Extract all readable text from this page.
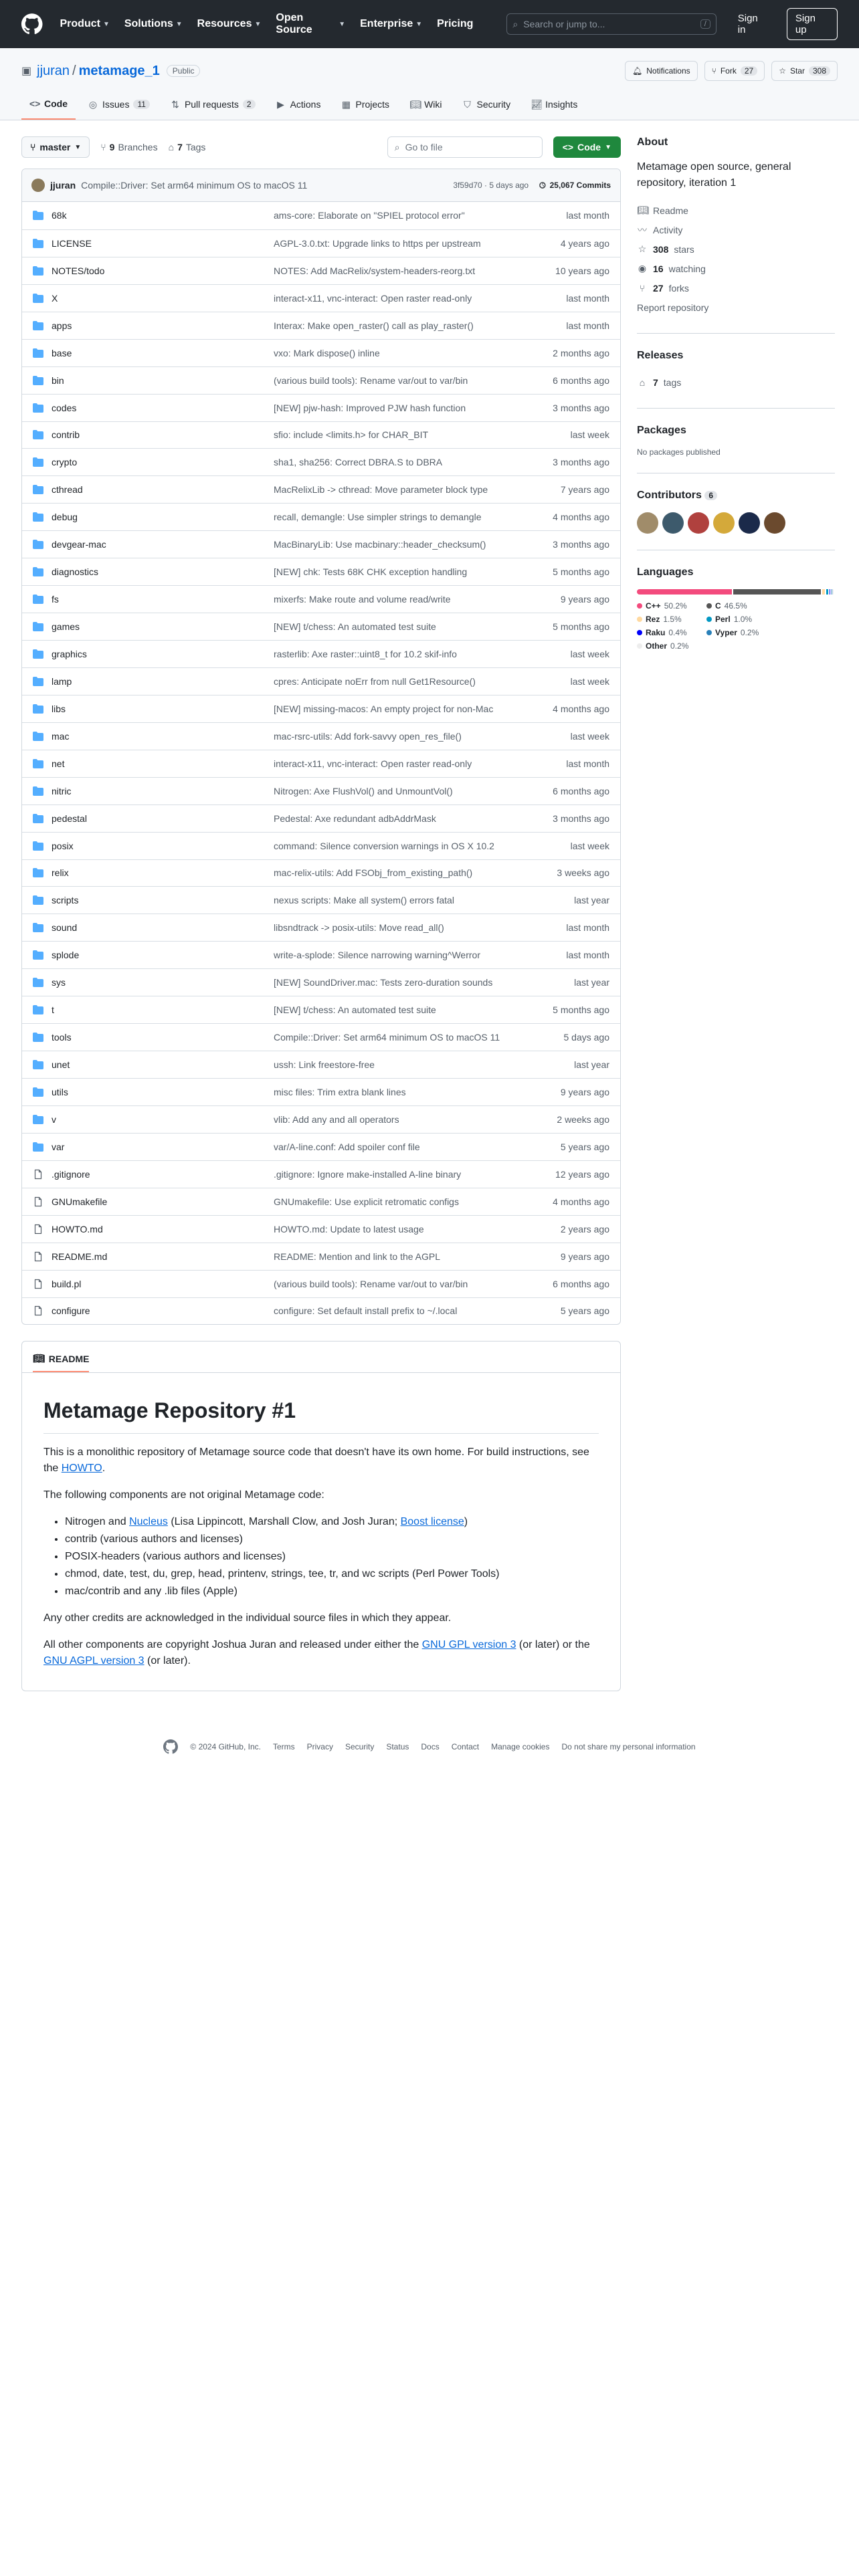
Product ▼ Solutions ▼ Resources ▼
Open Source	▼ Enterprise ▼ Pricing	⌕ Search or jump to...	/	Sign in
Sign up
▣ jjuran / metamage_1	Public	🔔︎ Notifications	⑂ Fork	27	☆ Star	308
<> Code ◎ Issues	11	⇅ Pull requests	2	▶ Actions ▦ Projects 📖︎ Wiki ⛉ Security 📈︎ Insights
⑂ master ▼ ⑂ 9 Branches ⌂ 7 Tags	⌕ Go to file	<> Code ▼
jjuran Compile::Driver: Set arm64 minimum OS to macOS 11	3f59d70 · 5 days ago 🕓︎ 25,067 Commits
68k	ams-core: Elaborate on "SPIEL protocol error"	last month
LICENSE	AGPL-3.0.txt: Upgrade links to https per upstream	4 years ago
NOTES/todo	NOTES: Add MacRelix/system-headers-reorg.txt	10 years ago
X	interact-x11, vnc-interact: Open raster read-only	last month
apps	Interax: Make open_raster() call as play_raster()	last month
base	vxo: Mark dispose() inline	2 months ago
bin	(various build tools): Rename var/out to var/bin	6 months ago
codes	[NEW] pjw-hash: Improved PJW hash function	3 months ago
contrib	sfio: include <limits.h> for CHAR_BIT	last week
crypto	sha1, sha256: Correct DBRA.S to DBRA	3 months ago
cthread	MacRelixLib -> cthread: Move parameter block type	7 years ago
debug	recall, demangle: Use simpler strings to demangle	4 months ago
devgear-mac	MacBinaryLib: Use macbinary::header_checksum()	3 months ago
diagnostics	[NEW] chk: Tests 68K CHK exception handling	5 months ago
fs	mixerfs: Make route and volume read/write	9 years ago
games	[NEW] t/chess: An automated test suite	5 months ago
graphics	rasterlib: Axe raster::uint8_t for 10.2 skif-info	last week
lamp	cpres: Anticipate noErr from null Get1Resource()	last week
libs	[NEW] missing-macos: An empty project for non-Mac	4 months ago
mac	mac-rsrc-utils: Add fork-savvy open_res_file()	last week
net	interact-x11, vnc-interact: Open raster read-only	last month
nitric	Nitrogen: Axe FlushVol() and UnmountVol()	6 months ago
pedestal	Pedestal: Axe redundant adbAddrMask	3 months ago
posix	command: Silence conversion warnings in OS X 10.2	last week
relix	mac-relix-utils: Add FSObj_from_existing_path()	3 weeks ago
scripts	nexus scripts: Make all system() errors fatal	last year
sound	libsndtrack -> posix-utils: Move read_all()	last month
splode	write-a-splode: Silence narrowing warning^Werror	last month
sys	[NEW] SoundDriver.mac: Tests zero-duration sounds	last year
t	[NEW] t/chess: An automated test suite	5 months ago
tools	Compile::Driver: Set arm64 minimum OS to macOS 11	5 days ago
unet	ussh: Link freestore-free	last year
utils	misc files: Trim extra blank lines	9 years ago
v	vlib: Add any and all operators	2 weeks ago
var	var/A-line.conf: Add spoiler conf file	5 years ago
.gitignore	.gitignore: Ignore make-installed A-line binary	12 years ago
GNUmakefile	GNUmakefile: Use explicit retromatic configs	4 months ago
HOWTO.md	HOWTO.md: Update to latest usage	2 years ago
README.md	README: Mention and link to the AGPL	9 years ago
build.pl	(various build tools): Rename var/out to var/bin	6 months ago
configure	configure: Set default install prefix to ~/.local	5 years ago
📖︎ README
Metamage Repository #1

This is a monolithic repository of Metamage source code that doesn't have its own home. For build instructions, see the HOWTO.

The following components are not original Metamage code:

• Nitrogen and Nucleus (Lisa Lippincott, Marshall Clow, and Josh Juran; Boost license)
• contrib (various authors and licenses)
• POSIX-headers (various authors and licenses)
• chmod, date, test, du, grep, head, printenv, strings, tee, tr, and wc scripts (Perl Power Tools)
• mac/contrib and any .lib files (Apple)

Any other credits are acknowledged in the individual source files in which they appear.

All other components are copyright Joshua Juran and released under either the GNU GPL version 3 (or later) or the GNU AGPL version 3 (or later).

About
Metamage open source, general repository, iteration 1
📖︎ Readme
〰 Activity
☆ 308 stars
◉ 16 watching
⑂ 27 forks
Report repository
Releases
⌂ 7 tags
Packages
No packages published
Contributors 6
Languages
C++ 50.2%	C 46.5%
Rez 1.5%	Perl 1.0%
Raku 0.4%	Vyper 0.2%
Other 0.2%
© 2024 GitHub, Inc. Terms Privacy Security Status Docs Contact Manage cookies Do not share my personal information
